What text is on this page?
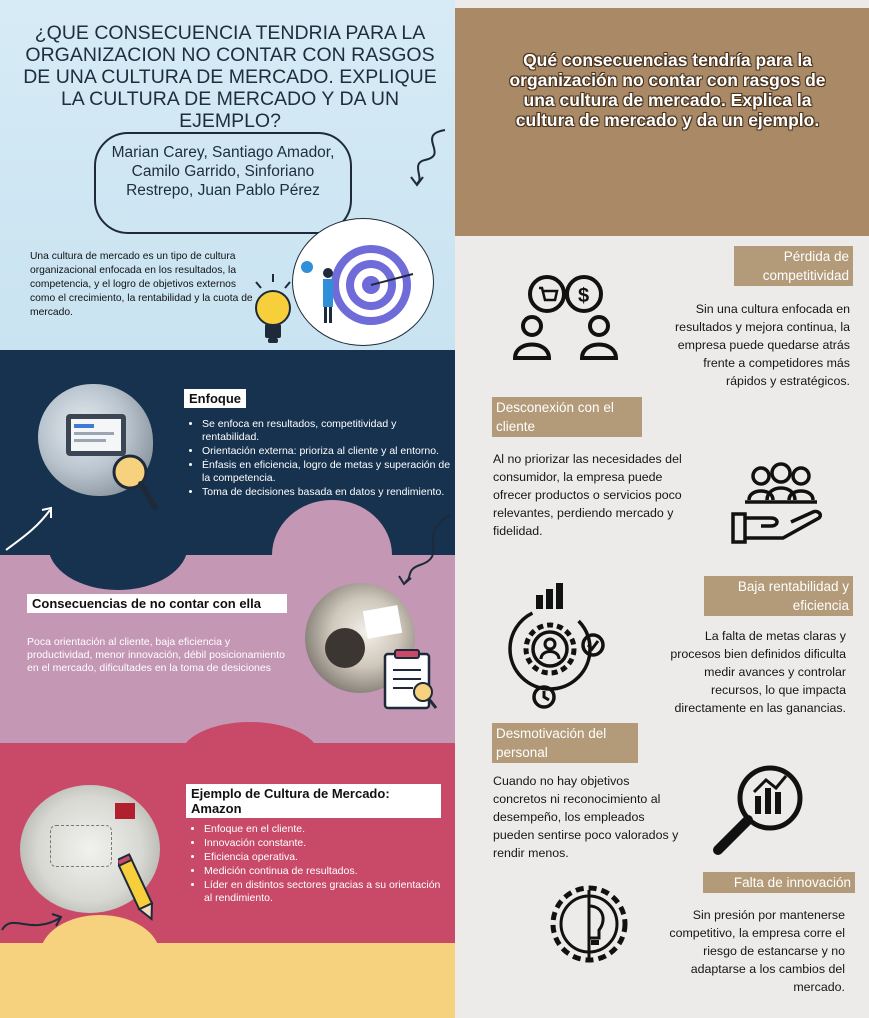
¿QUE CONSECUENCIA TENDRIA PARA LA ORGANIZACION NO CONTAR CON RASGOS DE UNA CULTURA DE MERCADO. EXPLIQUE LA CULTURA DE MERCADO Y DA UN EJEMPLO?
Marian Carey, Santiago Amador, Camilo Garrido, Sinforiano Restrepo, Juan Pablo Pérez
Una cultura de mercado es un tipo de cultura organizacional enfocada en los resultados, la competencia, y el logro de objetivos externos como el crecimiento, la rentabilidad y la cuota de mercado.
Enfoque
• Se enfoca en resultados, competitividad y rentabilidad.
• Orientación externa: prioriza al cliente y al entorno.
• Énfasis en eficiencia, logro de metas y superación de la competencia.
• Toma de decisiones basada en datos y rendimiento.
Consecuencias de no contar con ella
Poca orientación al cliente, baja eficiencia y productividad, menor innovación, débil posicionamiento en el mercado, dificultades en la toma de desiciones
Ejemplo de Cultura de Mercado: Amazon
• Enfoque en el cliente.
• Innovación constante.
• Eficiencia operativa.
• Medición continua de resultados.
• Líder en distintos sectores gracias a su orientación al rendimiento.
Qué consecuencias tendría para la organización no contar con rasgos de una cultura de mercado. Explica la cultura de mercado y da un ejemplo.
Pérdida de competitividad
Sin una cultura enfocada en resultados y mejora continua, la empresa puede quedarse atrás frente a competidores más rápidos y estratégicos.
$
Desconexión con el cliente
Al no priorizar las necesidades del consumidor, la empresa puede ofrecer productos o servicios poco relevantes, perdiendo mercado y fidelidad.
Baja rentabilidad y eficiencia
La falta de metas claras y procesos bien definidos dificulta medir avances y controlar recursos, lo que impacta directamente en las ganancias.
Desmotivación del personal
Cuando no hay objetivos concretos ni reconocimiento al desempeño, los empleados pueden sentirse poco valorados y rendir menos.
Falta de innovación
Sin presión por mantenerse competitivo, la empresa corre el riesgo de estancarse y no adaptarse a los cambios del mercado.
